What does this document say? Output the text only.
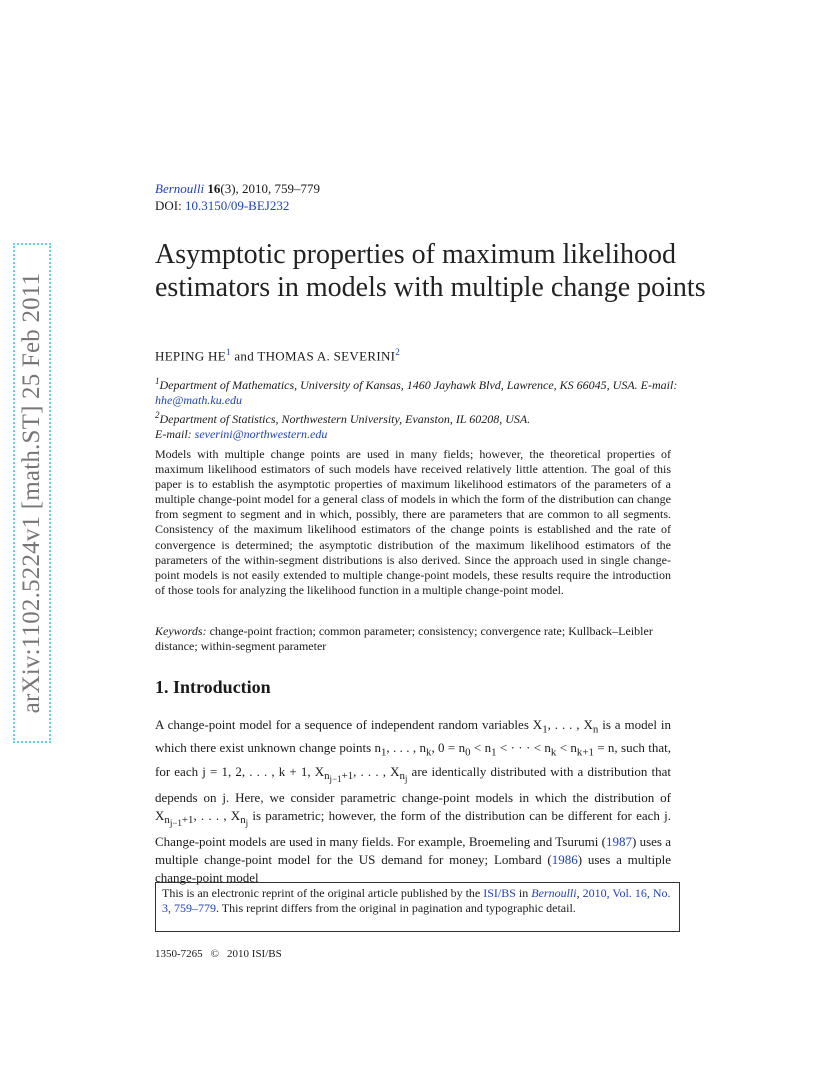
arXiv:1102.5224v1 [math.ST] 25 Feb 2011
Bernoulli 16(3), 2010, 759–779
DOI: 10.3150/09-BEJ232
Asymptotic properties of maximum likelihood estimators in models with multiple change points
HEPING HE$^1$ and THOMAS A. SEVERINI$^2$
$^1$Department of Mathematics, University of Kansas, 1460 Jayhawk Blvd, Lawrence, KS 66045, USA. E-mail: hhe@math.ku.edu
$^2$Department of Statistics, Northwestern University, Evanston, IL 60208, USA.
E-mail: severini@northwestern.edu
Models with multiple change points are used in many fields; however, the theoretical properties of maximum likelihood estimators of such models have received relatively little attention. The goal of this paper is to establish the asymptotic properties of maximum likelihood estimators of the parameters of a multiple change-point model for a general class of models in which the form of the distribution can change from segment to segment and in which, possibly, there are parameters that are common to all segments. Consistency of the maximum likelihood estimators of the change points is established and the rate of convergence is determined; the asymptotic distribution of the maximum likelihood estimators of the parameters of the within-segment distributions is also derived. Since the approach used in single change-point models is not easily extended to multiple change-point models, these results require the introduction of those tools for analyzing the likelihood function in a multiple change-point model.
Keywords: change-point fraction; common parameter; consistency; convergence rate; Kullback–Leibler distance; within-segment parameter
1. Introduction
A change-point model for a sequence of independent random variables $X_1$, . . . , $X_n$ is a model in which there exist unknown change points $n_1$, . . . , $n_k$, $0 = n_0 < n_1$ < · · · < $n_k < n_{k+1} = n$, such that, for each j = 1, 2, . . . , k + 1, $X_{n_{j-1}+1}$, . . . , $X_{n_j}$ are identically distributed with a distribution that depends on j. Here, we consider parametric change-point models in which the distribution of $X_{n_{j-1}+1}$, . . . , $X_{n_j}$ is parametric; however, the form of the distribution can be different for each j. Change-point models are used in many fields. For example, Broemeling and Tsurumi (1987) uses a multiple change-point model for the US demand for money; Lombard (1986) uses a multiple change-point model
This is an electronic reprint of the original article published by the ISI/BS in Bernoulli, 2010, Vol. 16, No. 3, 759–779. This reprint differs from the original in pagination and typographic detail.
1350-7265 © 2010 ISI/BS
